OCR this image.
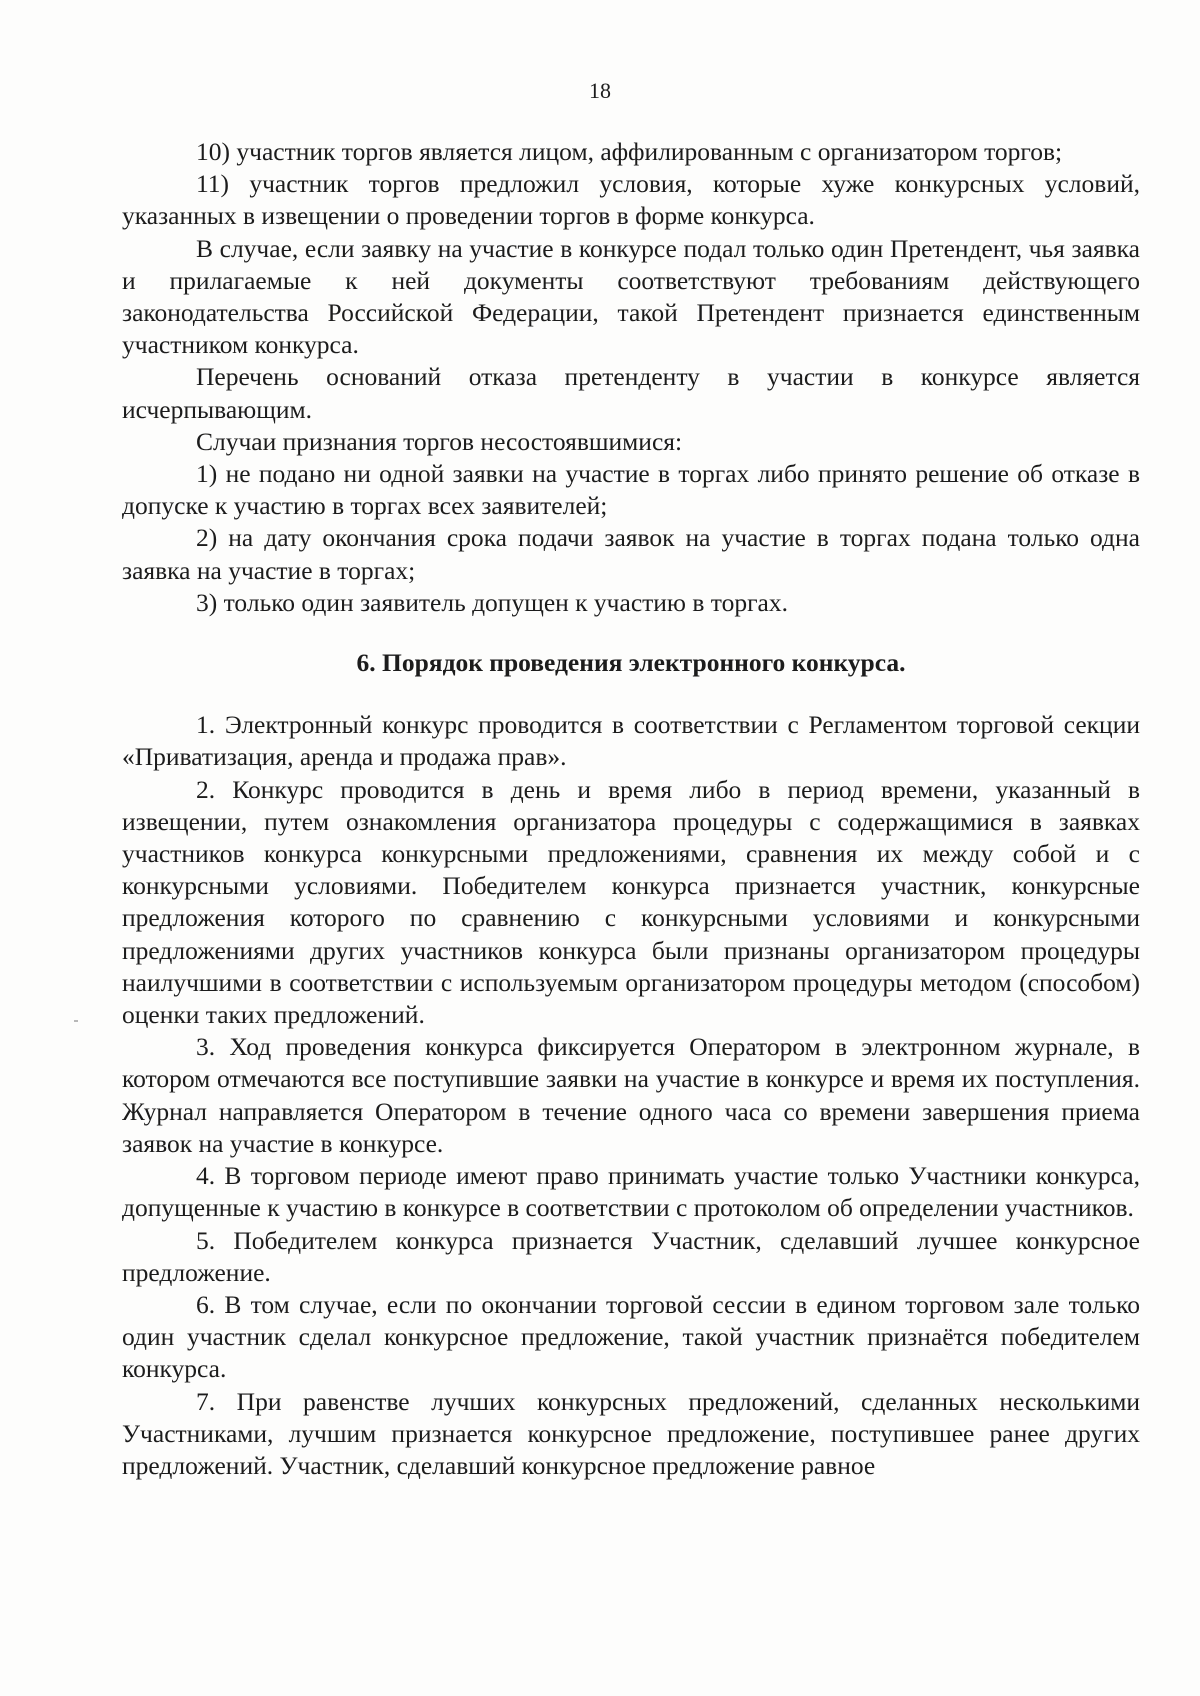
18

10) участник торгов является лицом, аффилированным с организатором торгов;

11) участник торгов предложил условия, которые хуже конкурсных условий, указанных в извещении о проведении торгов в форме конкурса.

В случае, если заявку на участие в конкурсе подал только один Претендент, чья заявка и прилагаемые к ней документы соответствуют требованиям действующего законодательства Российской Федерации, такой Претендент признается единственным участником конкурса.

Перечень оснований отказа претенденту в участии в конкурсе является исчерпывающим.

Случаи признания торгов несостоявшимися:

1) не подано ни одной заявки на участие в торгах либо принято решение об отказе в допуске к участию в торгах всех заявителей;

2) на дату окончания срока подачи заявок на участие в торгах подана только одна заявка на участие в торгах;

3) только один заявитель допущен к участию в торгах.

6. Порядок проведения электронного конкурса.

1. Электронный конкурс проводится в соответствии с Регламентом торговой секции «Приватизация, аренда и продажа прав».

2. Конкурс проводится в день и время либо в период времени, указанный в извещении, путем ознакомления организатора процедуры с содержащимися в заявках участников конкурса конкурсными предложениями, сравнения их между собой и с конкурсными условиями. Победителем конкурса признается участник, конкурсные предложения которого по сравнению с конкурсными условиями и конкурсными предложениями других участников конкурса были признаны организатором процедуры наилучшими в соответствии с используемым организатором процедуры методом (способом) оценки таких предложений.

3. Ход проведения конкурса фиксируется Оператором в электронном журнале, в котором отмечаются все поступившие заявки на участие в конкурсе и время их поступления. Журнал направляется Оператором в течение одного часа со времени завершения приема заявок на участие в конкурсе.

4. В торговом периоде имеют право принимать участие только Участники конкурса, допущенные к участию в конкурсе в соответствии с протоколом об определении участников.

5. Победителем конкурса признается Участник, сделавший лучшее конкурсное предложение.

6. В том случае, если по окончании торговой сессии в едином торговом зале только один участник сделал конкурсное предложение, такой участник признаётся победителем конкурса.

7. При равенстве лучших конкурсных предложений, сделанных несколькими Участниками, лучшим признается конкурсное предложение, поступившее ранее других предложений. Участник, сделавший конкурсное предложение равное
